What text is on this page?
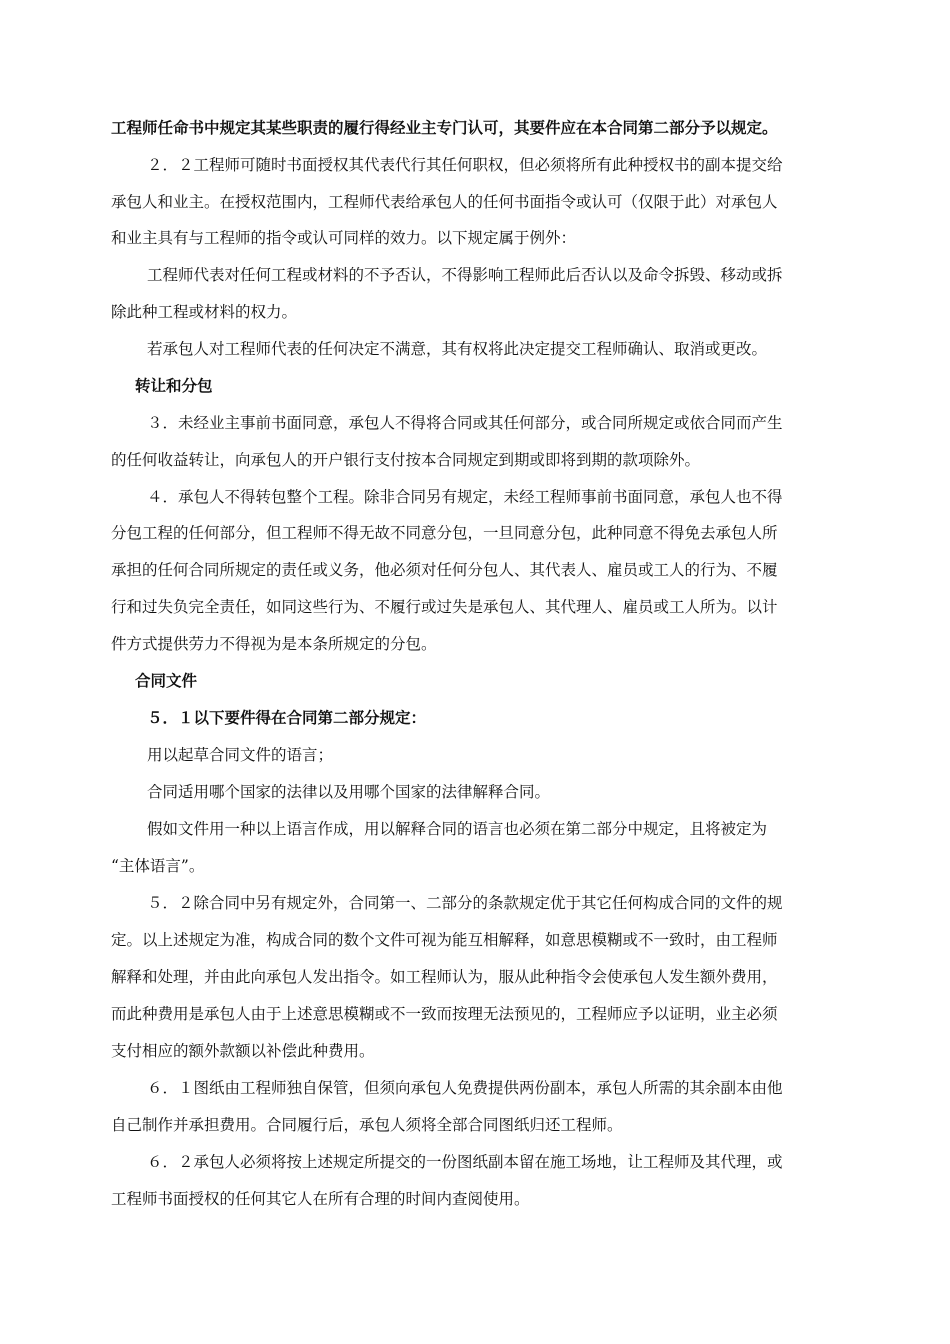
工程师任命书中规定其某些职责的履行得经业主专门认可，其要件应在本合同第二部分予以规定。
２．２工程师可随时书面授权其代表代行其任何职权，但必须将所有此种授权书的副本提交给
承包人和业主。在授权范围内，工程师代表给承包人的任何书面指令或认可（仅限于此）对承包人
和业主具有与工程师的指令或认可同样的效力。以下规定属于例外：
工程师代表对任何工程或材料的不予否认，不得影响工程师此后否认以及命令拆毁、移动或拆
除此种工程或材料的权力。
若承包人对工程师代表的任何决定不满意，其有权将此决定提交工程师确认、取消或更改。
转让和分包
３．未经业主事前书面同意，承包人不得将合同或其任何部分，或合同所规定或依合同而产生
的任何收益转让，向承包人的开户银行支付按本合同规定到期或即将到期的款项除外。
４．承包人不得转包整个工程。除非合同另有规定，未经工程师事前书面同意，承包人也不得
分包工程的任何部分，但工程师不得无故不同意分包，一旦同意分包，此种同意不得免去承包人所
承担的任何合同所规定的责任或义务，他必须对任何分包人、其代表人、雇员或工人的行为、不履
行和过失负完全责任，如同这些行为、不履行或过失是承包人、其代理人、雇员或工人所为。以计
件方式提供劳力不得视为是本条所规定的分包。
合同文件
５．１以下要件得在合同第二部分规定：
用以起草合同文件的语言；
合同适用哪个国家的法律以及用哪个国家的法律解释合同。
假如文件用一种以上语言作成，用以解释合同的语言也必须在第二部分中规定，且将被定为
“主体语言”。
５．２除合同中另有规定外，合同第一、二部分的条款规定优于其它任何构成合同的文件的规
定。以上述规定为准，构成合同的数个文件可视为能互相解释，如意思模糊或不一致时，由工程师
解释和处理，并由此向承包人发出指令。如工程师认为，服从此种指令会使承包人发生额外费用，
而此种费用是承包人由于上述意思模糊或不一致而按理无法预见的，工程师应予以证明，业主必须
支付相应的额外款额以补偿此种费用。
６．１图纸由工程师独自保管，但须向承包人免费提供两份副本，承包人所需的其余副本由他
自己制作并承担费用。合同履行后，承包人须将全部合同图纸归还工程师。
６．２承包人必须将按上述规定所提交的一份图纸副本留在施工场地，让工程师及其代理，或
工程师书面授权的任何其它人在所有合理的时间内查阅使用。
